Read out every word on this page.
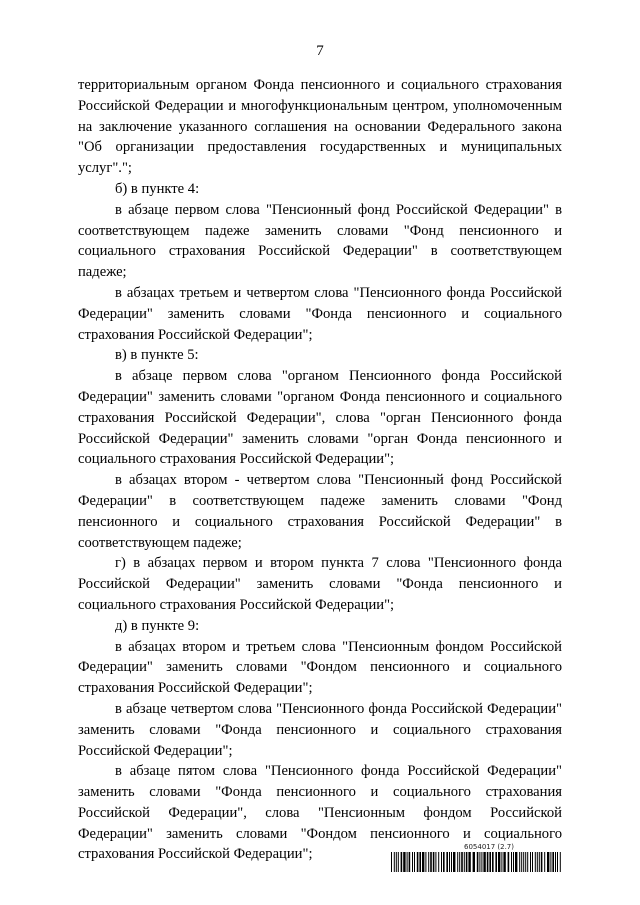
7

территориальным органом Фонда пенсионного и социального страхования Российской Федерации и многофункциональным центром, уполномоченным на заключение указанного соглашения на основании Федерального закона "Об организации предоставления государственных и муниципальных услуг".";

б) в пункте 4:

в абзаце первом слова "Пенсионный фонд Российской Федерации" в соответствующем падеже заменить словами "Фонд пенсионного и социального страхования Российской Федерации" в соответствующем падеже;

в абзацах третьем и четвертом слова "Пенсионного фонда Российской Федерации" заменить словами "Фонда пенсионного и социального страхования Российской Федерации";

в) в пункте 5:

в абзаце первом слова "органом Пенсионного фонда Российской Федерации" заменить словами "органом Фонда пенсионного и социального страхования Российской Федерации", слова "орган Пенсионного фонда Российской Федерации" заменить словами "орган Фонда пенсионного и социального страхования Российской Федерации";

в абзацах втором - четвертом слова "Пенсионный фонд Российской Федерации" в соответствующем падеже заменить словами "Фонд пенсионного и социального страхования Российской Федерации" в соответствующем падеже;

г) в абзацах первом и втором пункта 7 слова "Пенсионного фонда Российской Федерации" заменить словами "Фонда пенсионного и социального страхования Российской Федерации";

д) в пункте 9:

в абзацах втором и третьем слова "Пенсионным фондом Российской Федерации" заменить словами "Фондом пенсионного и социального страхования Российской Федерации";

в абзаце четвертом слова "Пенсионного фонда Российской Федерации" заменить словами "Фонда пенсионного и социального страхования Российской Федерации";

в абзаце пятом слова "Пенсионного фонда Российской Федерации" заменить словами "Фонда пенсионного и социального страхования Российской Федерации", слова "Пенсионным фондом Российской Федерации" заменить словами "Фондом пенсионного и социального страхования Российской Федерации";	6054017 (2.7)
